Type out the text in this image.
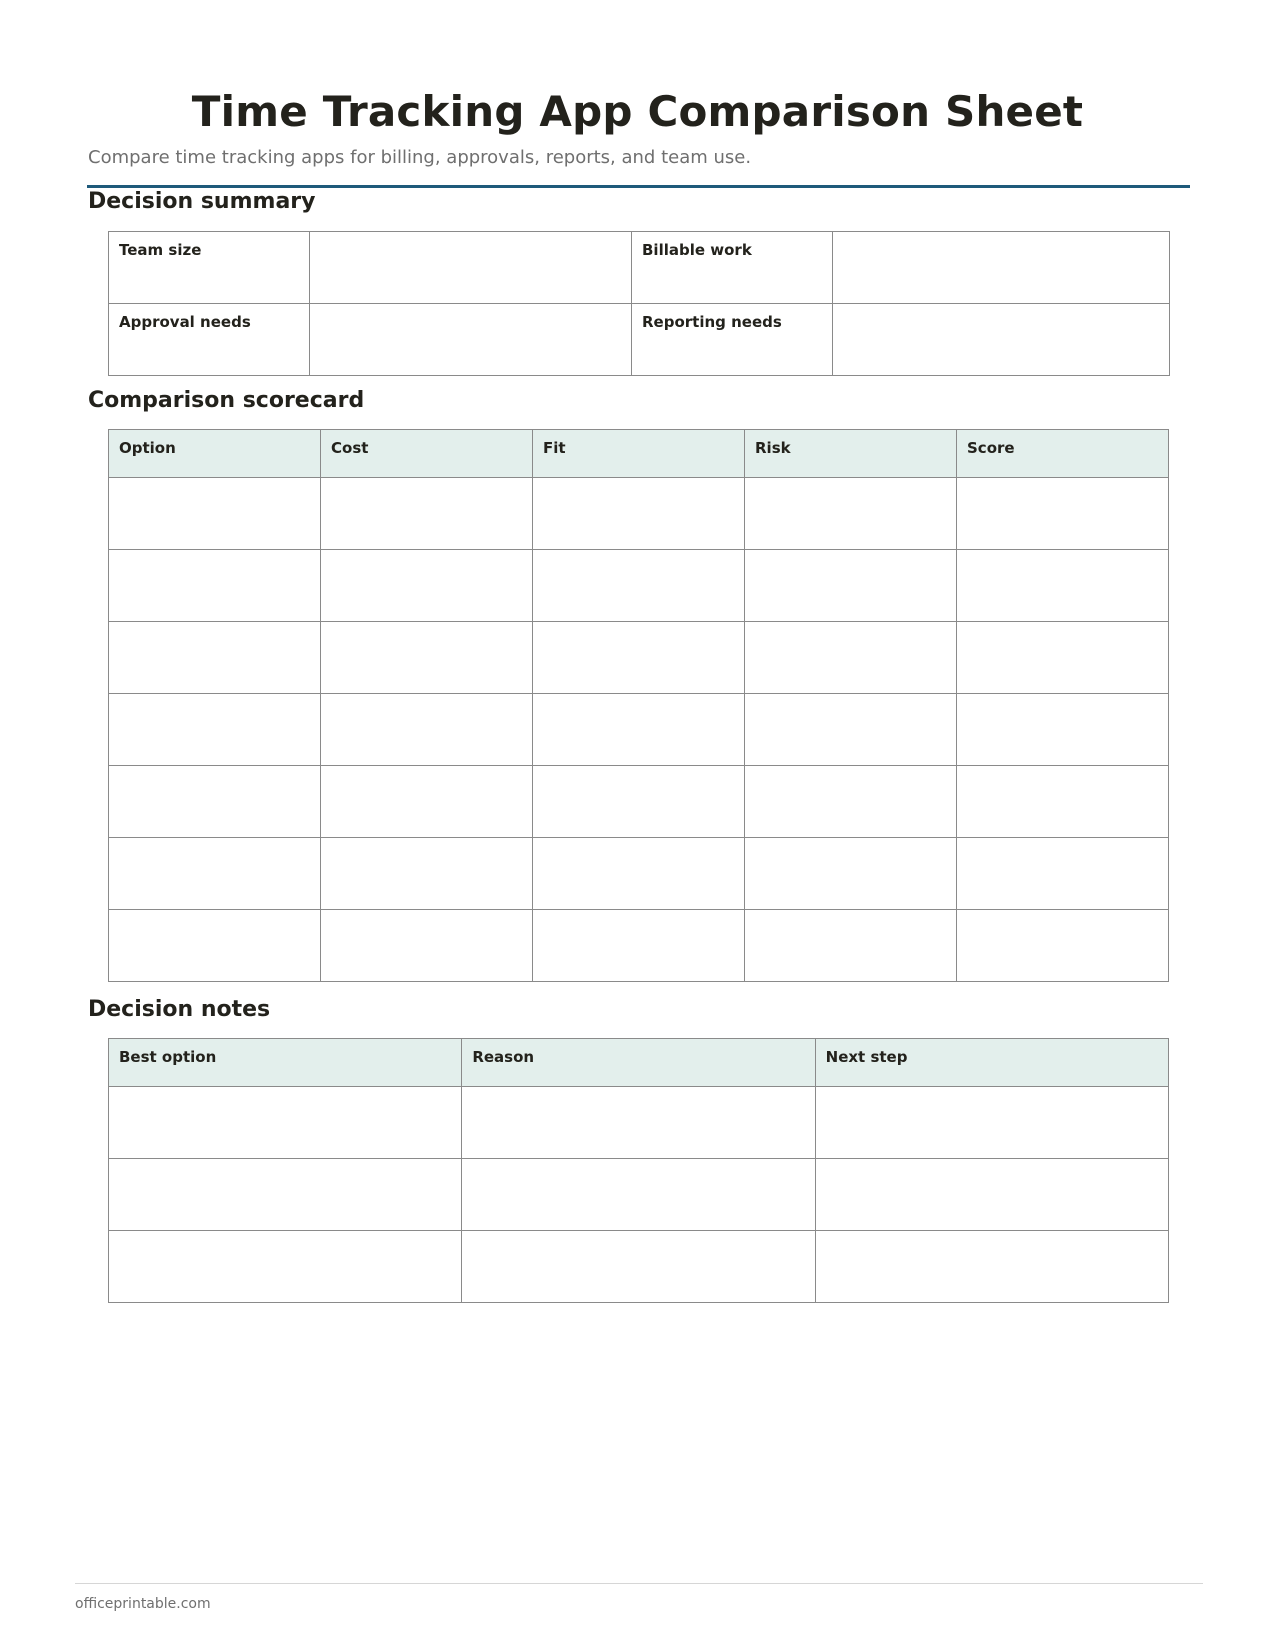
Time Tracking App Comparison Sheet

Compare time tracking apps for billing, approvals, reports, and team use.

Decision summary
Team size		Billable work	
Approval needs		Reporting needs	
Comparison scorecard
Option	Cost	Fit	Risk	Score

Decision notes
Best option	Reason	Next step

officeprintable.com
